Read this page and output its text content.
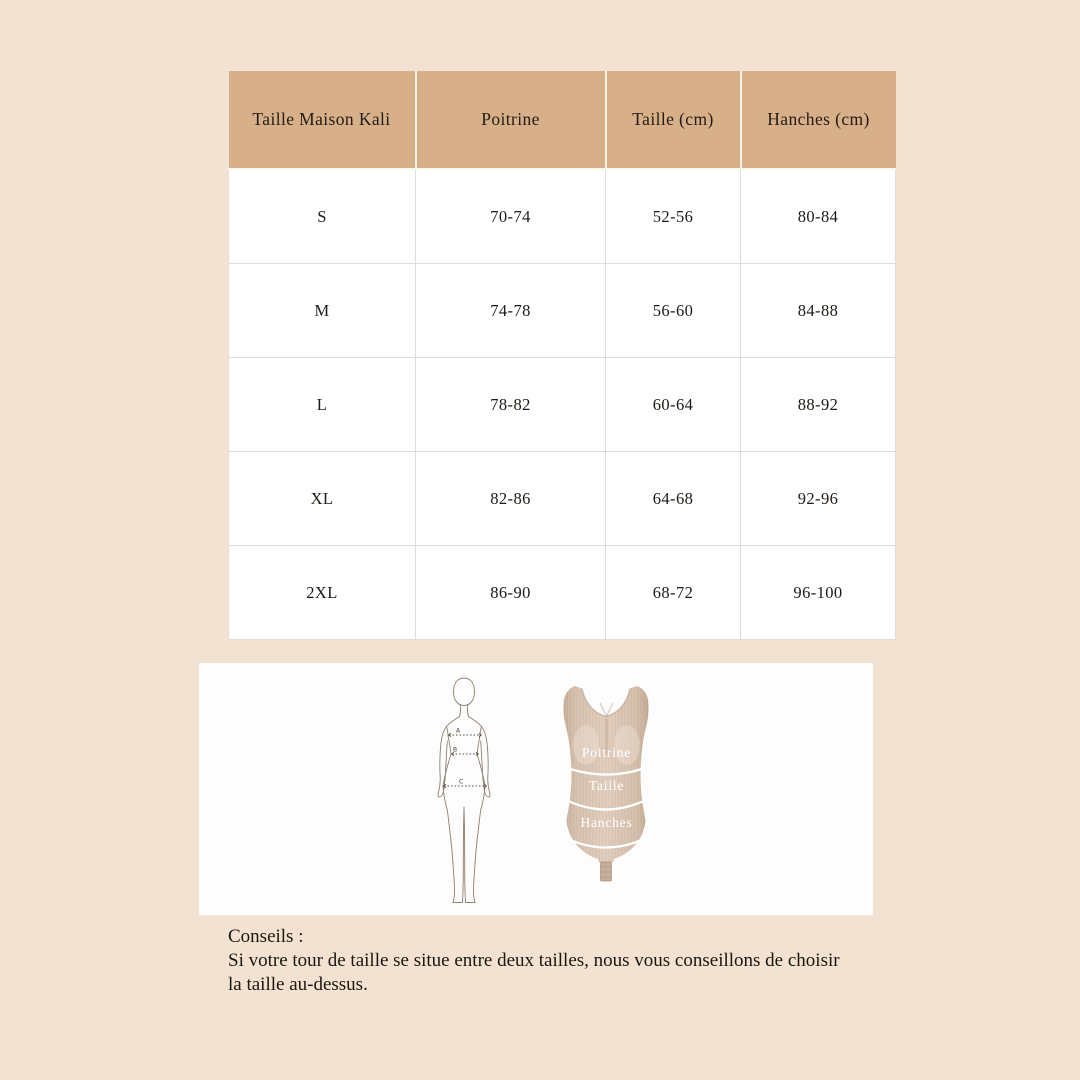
Taille Maison Kali	Poitrine	Taille (cm)	Hanches (cm)
S	70-74	52-56	80-84
M	74-78	56-60	84-88
L	78-82	60-64	88-92
XL	82-86	64-68	92-96
2XL	86-90	68-72	96-100
A
B
C
Poitrine
Taille
Hanches
Conseils :
Si votre tour de taille se situe entre deux tailles, nous vous conseillons de choisir
la taille au-dessus.
